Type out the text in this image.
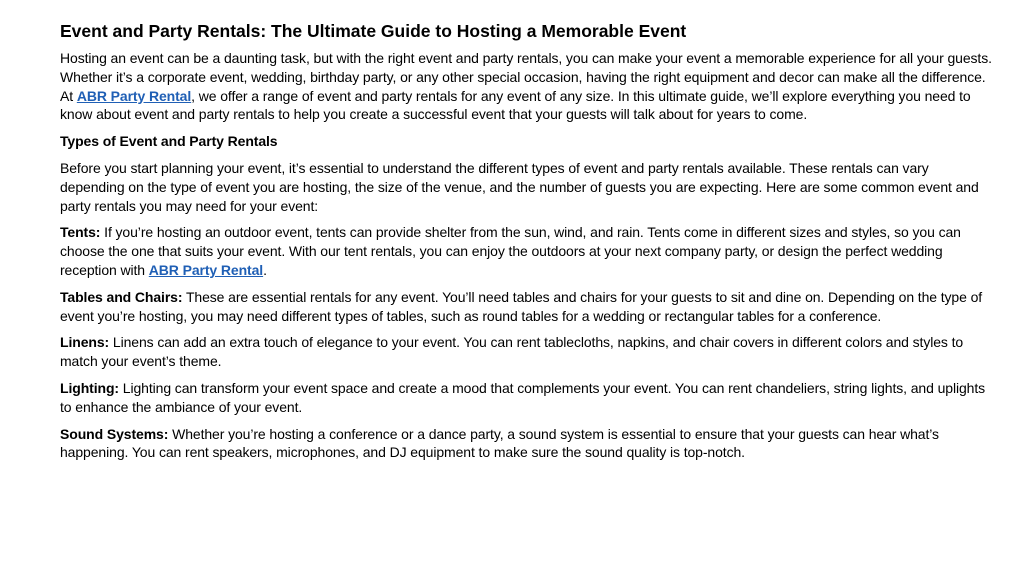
Event and Party Rentals: The Ultimate Guide to Hosting a Memorable Event

Hosting an event can be a daunting task, but with the right event and party rentals, you can make your event a memorable experience for all your guests. Whether it’s a corporate event, wedding, birthday party, or any other special occasion, having the right equipment and decor can make all the difference. At ABR Party Rental, we offer a range of event and party rentals for any event of any size. In this ultimate guide, we’ll explore everything you need to know about event and party rentals to help you create a successful event that your guests will talk about for years to come.

Types of Event and Party Rentals

Before you start planning your event, it’s essential to understand the different types of event and party rentals available. These rentals can vary depending on the type of event you are hosting, the size of the venue, and the number of guests you are expecting. Here are some common event and party rentals you may need for your event:

Tents: If you’re hosting an outdoor event, tents can provide shelter from the sun, wind, and rain. Tents come in different sizes and styles, so you can choose the one that suits your event. With our tent rentals, you can enjoy the outdoors at your next company party, or design the perfect wedding reception with ABR Party Rental.

Tables and Chairs: These are essential rentals for any event. You’ll need tables and chairs for your guests to sit and dine on. Depending on the type of event you’re hosting, you may need different types of tables, such as round tables for a wedding or rectangular tables for a conference.

Linens: Linens can add an extra touch of elegance to your event. You can rent tablecloths, napkins, and chair covers in different colors and styles to match your event’s theme.

Lighting: Lighting can transform your event space and create a mood that complements your event. You can rent chandeliers, string lights, and uplights to enhance the ambiance of your event.

Sound Systems: Whether you’re hosting a conference or a dance party, a sound system is essential to ensure that your guests can hear what’s happening. You can rent speakers, microphones, and DJ equipment to make sure the sound quality is top-notch.
